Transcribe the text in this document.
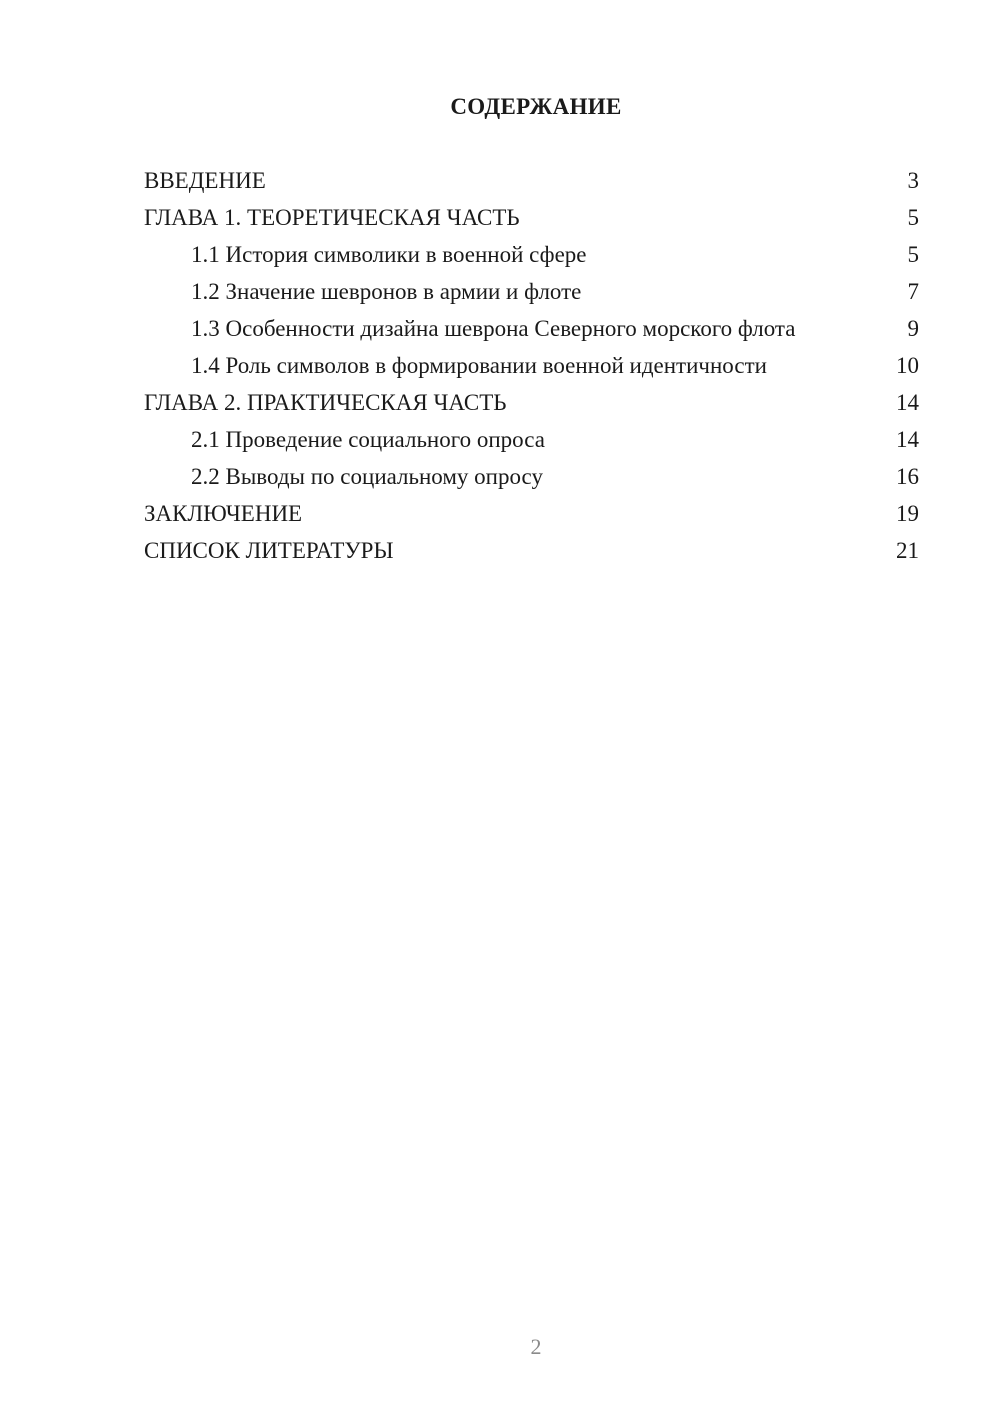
СОДЕРЖАНИЕ
ВВЕДЕНИЕ	3
ГЛАВА 1. ТЕОРЕТИЧЕСКАЯ ЧАСТЬ	5
1.1 История символики в военной сфере	5
1.2 Значение шевронов в армии и флоте	7
1.3 Особенности дизайна шеврона Северного морского флота	9
1.4 Роль символов в формировании военной идентичности	10
ГЛАВА 2. ПРАКТИЧЕСКАЯ ЧАСТЬ	14
2.1 Проведение социального опроса	14
2.2 Выводы по социальному опросу	16
ЗАКЛЮЧЕНИЕ	19
СПИСОК ЛИТЕРАТУРЫ	21
2
